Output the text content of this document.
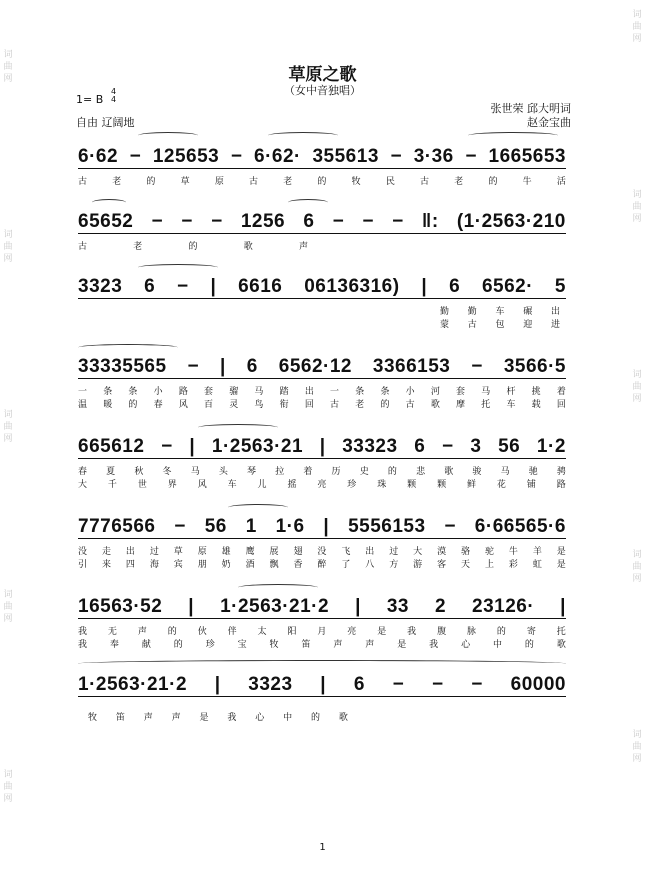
词
曲
网
词
曲
网
词
曲
网
词
曲
网
词
曲
网
词
曲
网
词
曲
网
词
曲
网
词
曲
网
词
曲
网
草原之歌
（女中音独唱）
1= B
4
4
自由 辽阔地
张世荣 邱大明词
赵金宝曲
6·62 − 125653 − 6·62· 355613 − 3·36 − 1665653
古	老	的	草	原	古	老	的	牧	民	古	老	的	牛	活
65652 − − − 1256 6 − − − ‖: (1·2563·210
古	老	的	歌	声
3323 6 − | 6616 06136316) | 6 6562· 5
勤 勤 车 碾 出
蒙 古 包 迎 进
33335565 − | 6 6562·12 3366153 − 3566·5
一 条 条 小 路 套 骝 马 踏 出 一 条 条 小 河 套 马 杆 挑 着
温 暖 的 春 风 百 灵 鸟 衔 回 古 老 的 古 歌 摩 托 车 载 回
665612 − | 1·2563·21 | 33323 6 − 3 56 1·2
春 夏 秋 冬 马 头 琴 拉 着 历 史 的 悲 歌 骏 马 驰 骋
大 千 世 界 风 车 儿 摇 亮 珍 珠 颗 颗 鲜 花 铺 路
7776566 − 56 1 1·6 | 5556153 − 6·66565·6
没 走 出 过 草 原 雄 鹰 展 翅 没 飞 出 过 大 漠 骆 驼 牛 羊 是
引 来 四 海 宾 朋 奶 酒 飘 香 醉 了 八 方 游 客 天 上 彩 虹 是
16563·52 | 1·2563·21·2 | 33 2 23126· |
我 无 声 的 伙 伴 太 阳 月 亮 是 我 腹 脉 的 寄 托
我	奉	献	的	珍	宝	牧	笛	声	声	是	我	心	中	的	歌
1·2563·21·2 | 3323 | 6 − − − 60000
牧 笛 声 声 是 我 心 中 的 歌
1
